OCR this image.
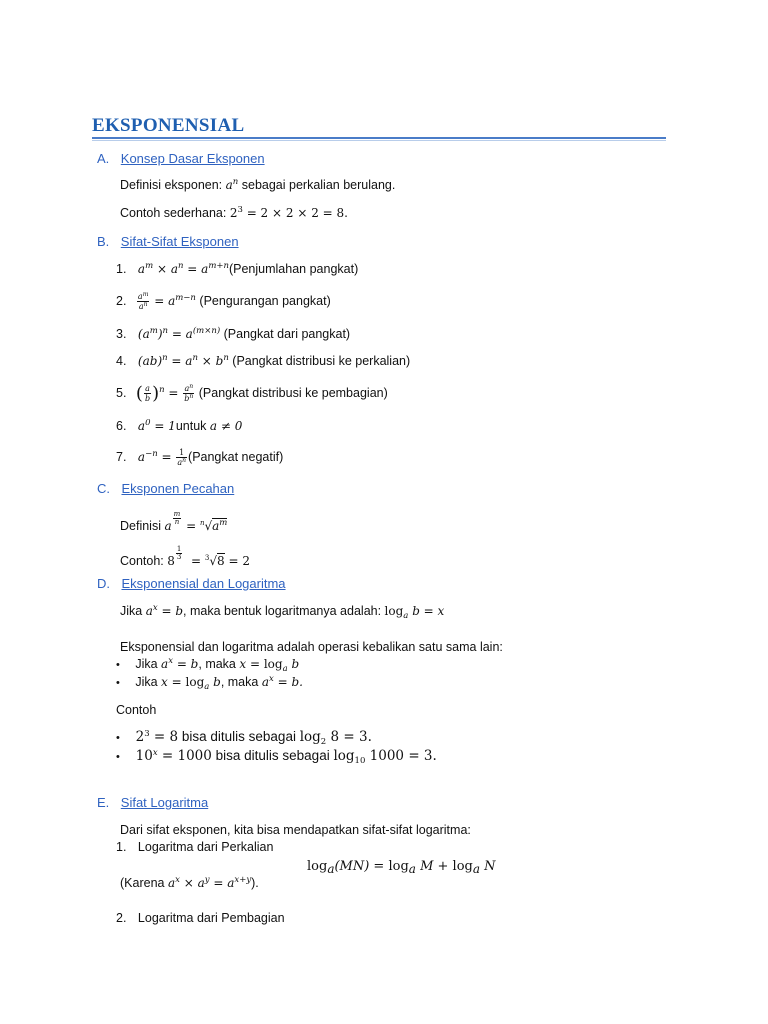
EKSPONENSIAL
A. Konsep Dasar Eksponen
Definisi eksponen: $a^n$ sebagai perkalian berulang.
Contoh sederhana: $2^3 = 2 \times 2 \times 2 = 8$.
B. Sifat-Sifat Eksponen
1. $a^m \times a^n$ = $a^{m+n}(Penjumlahan$ pangkat)
2. $\frac{a^m}{a^n} = a^{m-n}$ (Pengurangan pangkat)
3. $(a^m)^n = a^{(m\times n)}$ (Pangkat dari pangkat)
4. $(ab)^n = a^n \times b^n$ (Pangkat distribusi ke perkalian)
5. ( $\frac{a}{b} )^n = \frac{a^n}{b^n}$ (Pangkat distribusi ke pembagian)
6. $a^0$ = 1untuk a ≠ 0
7. $a^{-n} = \frac{1}{a^n}$ (Pangkat negatif)
C. Eksponen Pecahan
Definisi a $\frac{m}{n} = ^n√a^m$
Contoh: $8 \frac{1}{3} = ^3√8 = 2$
D. Eksponensial dan Logaritma
Jika $a^x = b$, maka bentuk logaritmanya adalah: $\log_a b = x$
Eksponensial dan logaritma adalah operasi kebalikan satu sama lain:
• Jika $a^x = b$, maka $x = \log_a b$
• Jika $x = \log_a b$, maka $a^x = b$.
Contoh
• $2^3 = 8$ bisa ditulis sebagai $\log_2 8 = 3$.
• $10^x = 1000$ bisa ditulis sebagai $\log_{10} 1000 = 3$.
E. Sifat Logaritma
Dari sifat eksponen, kita bisa mendapatkan sifat-sifat logaritma:
1. Logaritma dari Perkalian
$\log_a(MN) = \log_a M + \log_a N$
(Karena $a^x \times a^y = a^{x+y}$).
2. Logaritma dari Pembagian
